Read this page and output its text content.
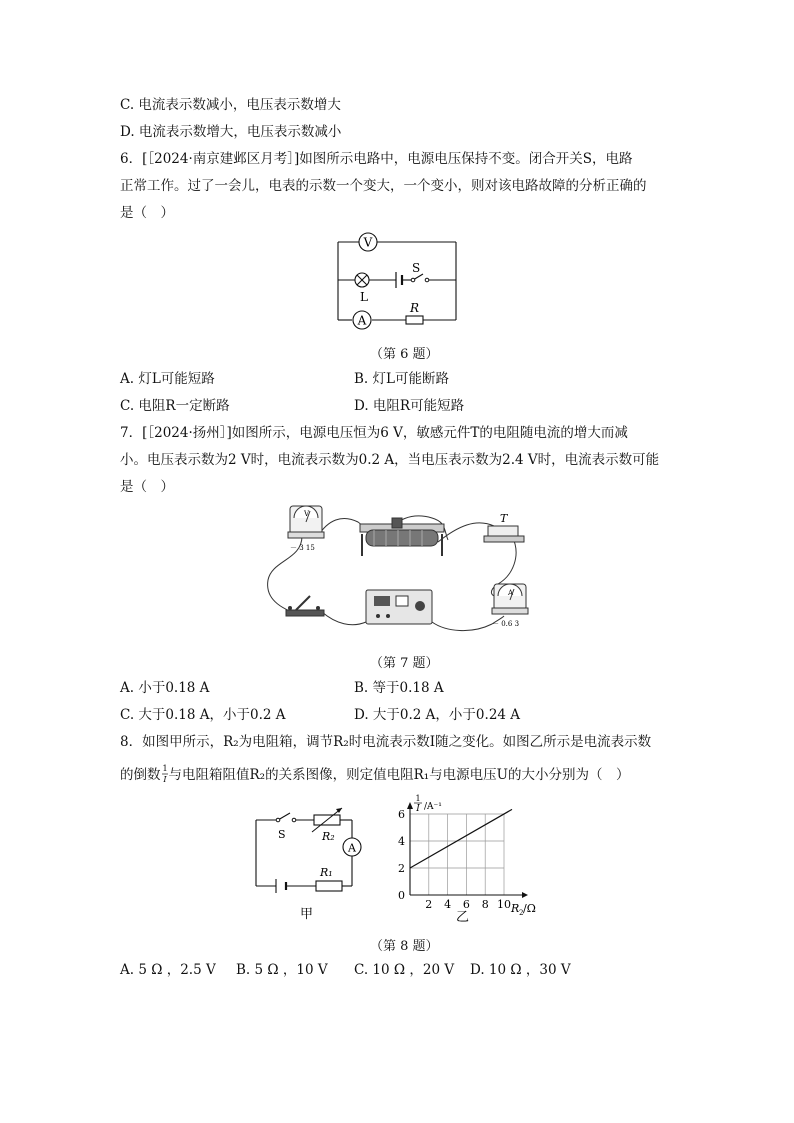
C. 电流表示数减小，电压表示数增大
D. 电流表示数增大，电压表示数减小
6．[［2024·南京建邺区月考］]如图所示电路中，电源电压保持不变。闭合开关S，电路
正常工作。过了一会儿，电表的示数一个变大，一个变小，则对该电路故障的分析正确的
是（　）
V
L
S
A
R
（第 6 题）
A. 灯L可能短路	B. 灯L可能断路
C. 电阻R一定断路	D. 电阻R可能短路
7．[［2024·扬州］]如图所示，电源电压恒为6 V，敏感元件T的电阻随电流的增大而减
小。电压表示数为2 V时，电流表示数为0.2 A，当电压表示数为2.4 V时，电流表示数可能
是（　）
V
－ 3 15
T
A
－ 0.6 3
（第 7 题）
A. 小于0.18 A	B. 等于0.18 A
C. 大于0.18 A，小于0.2 A	D. 大于0.2 A，小于0.24 A
8．如图甲所示，R₂为电阻箱，调节R₂时电流表示数I随之变化。如图乙所示是电流表示数
的倒数 1
I 与电阻箱阻值R₂的关系图像，则定值电阻R₁与电源电压U的大小分别为（　）
S	R₂
A
R₁
甲
1
I /A⁻¹
0
2
4
6
2 4 6 8 10 R 2 /Ω
乙
（第 8 题）
A. 5 Ω ，2.5 V B. 5 Ω ，10 V C. 10 Ω ，20 V D. 10 Ω ，30 V
